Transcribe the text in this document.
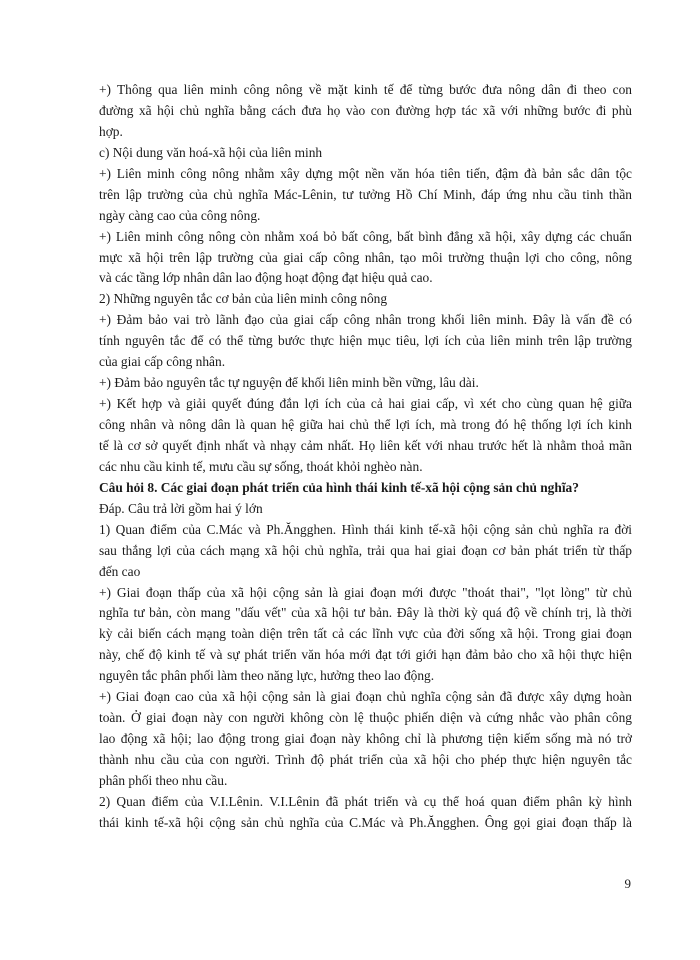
+) Thông qua liên minh công nông về mặt kinh tế để từng bước đưa nông dân đi theo con
đường xã hội chủ nghĩa bằng cách đưa họ vào con đường hợp tác xã với những bước đi phù
hợp.
c) Nội dung văn hoá-xã hội của liên minh
+) Liên minh công nông nhằm xây dựng một nền văn hóa tiên tiến, đậm đà bản sắc dân tộc
trên lập trường của chủ nghĩa Mác-Lênin, tư tưởng Hồ Chí Minh, đáp ứng nhu cầu tinh thần
ngày càng cao của công nông.
+) Liên minh công nông còn nhằm xoá bỏ bất công, bất bình đẳng xã hội, xây dựng các chuẩn
mực xã hội trên lập trường của giai cấp công nhân, tạo môi trường thuận lợi cho công, nông
và các tầng lớp nhân dân lao động hoạt động đạt hiệu quả cao.
2) Những nguyên tắc cơ bản của liên minh công nông
+) Đảm bảo vai trò lãnh đạo của giai cấp công nhân trong khối liên minh. Đây là vấn đề có
tính nguyên tắc để có thể từng bước thực hiện mục tiêu, lợi ích của liên minh trên lập trường
của giai cấp công nhân.
+) Đảm bảo nguyên tắc tự nguyện để khối liên minh bền vững, lâu dài.
+) Kết hợp và giải quyết đúng đắn lợi ích của cả hai giai cấp, vì xét cho cùng quan hệ giữa
công nhân và nông dân là quan hệ giữa hai chủ thể lợi ích, mà trong đó hệ thống lợi ích kinh
tế là cơ sở quyết định nhất và nhạy cảm nhất. Họ liên kết với nhau trước hết là nhằm thoả mãn
các nhu cầu kinh tế, mưu cầu sự sống, thoát khỏi nghèo nàn.
Câu hỏi 8. Các giai đoạn phát triển của hình thái kinh tế-xã hội cộng sản chủ nghĩa?
Đáp. Câu trả lời gồm hai ý lớn
1) Quan điểm của C.Mác và Ph.Ăngghen. Hình thái kinh tế-xã hội cộng sản chủ nghĩa ra đời
sau thắng lợi của cách mạng xã hội chủ nghĩa, trải qua hai giai đoạn cơ bản phát triển từ thấp
đến cao
+) Giai đoạn thấp của xã hội cộng sản là giai đoạn mới được "thoát thai", "lọt lòng" từ chủ
nghĩa tư bản, còn mang "dấu vết" của xã hội tư bản. Đây là thời kỳ quá độ về chính trị, là thời
kỳ cải biến cách mạng toàn diện trên tất cả các lĩnh vực của đời sống xã hội. Trong giai đoạn
này, chế độ kinh tế và sự phát triển văn hóa mới đạt tới giới hạn đảm bảo cho xã hội thực hiện
nguyên tắc phân phối làm theo năng lực, hưởng theo lao động.
+) Giai đoạn cao của xã hội cộng sản là giai đoạn chủ nghĩa cộng sản đã được xây dựng hoàn
toàn. Ở giai đoạn này con người không còn lệ thuộc phiến diện và cứng nhắc vào phân công
lao động xã hội; lao động trong giai đoạn này không chỉ là phương tiện kiếm sống mà nó trở
thành nhu cầu của con người. Trình độ phát triển của xã hội cho phép thực hiện nguyên tắc
phân phối theo nhu cầu.
2) Quan điểm của V.I.Lênin. V.I.Lênin đã phát triển và cụ thể hoá quan điểm phân kỳ hình
thái kinh tế-xã hội cộng sản chủ nghĩa của C.Mác và Ph.Ăngghen. Ông gọi giai đoạn thấp là
9
